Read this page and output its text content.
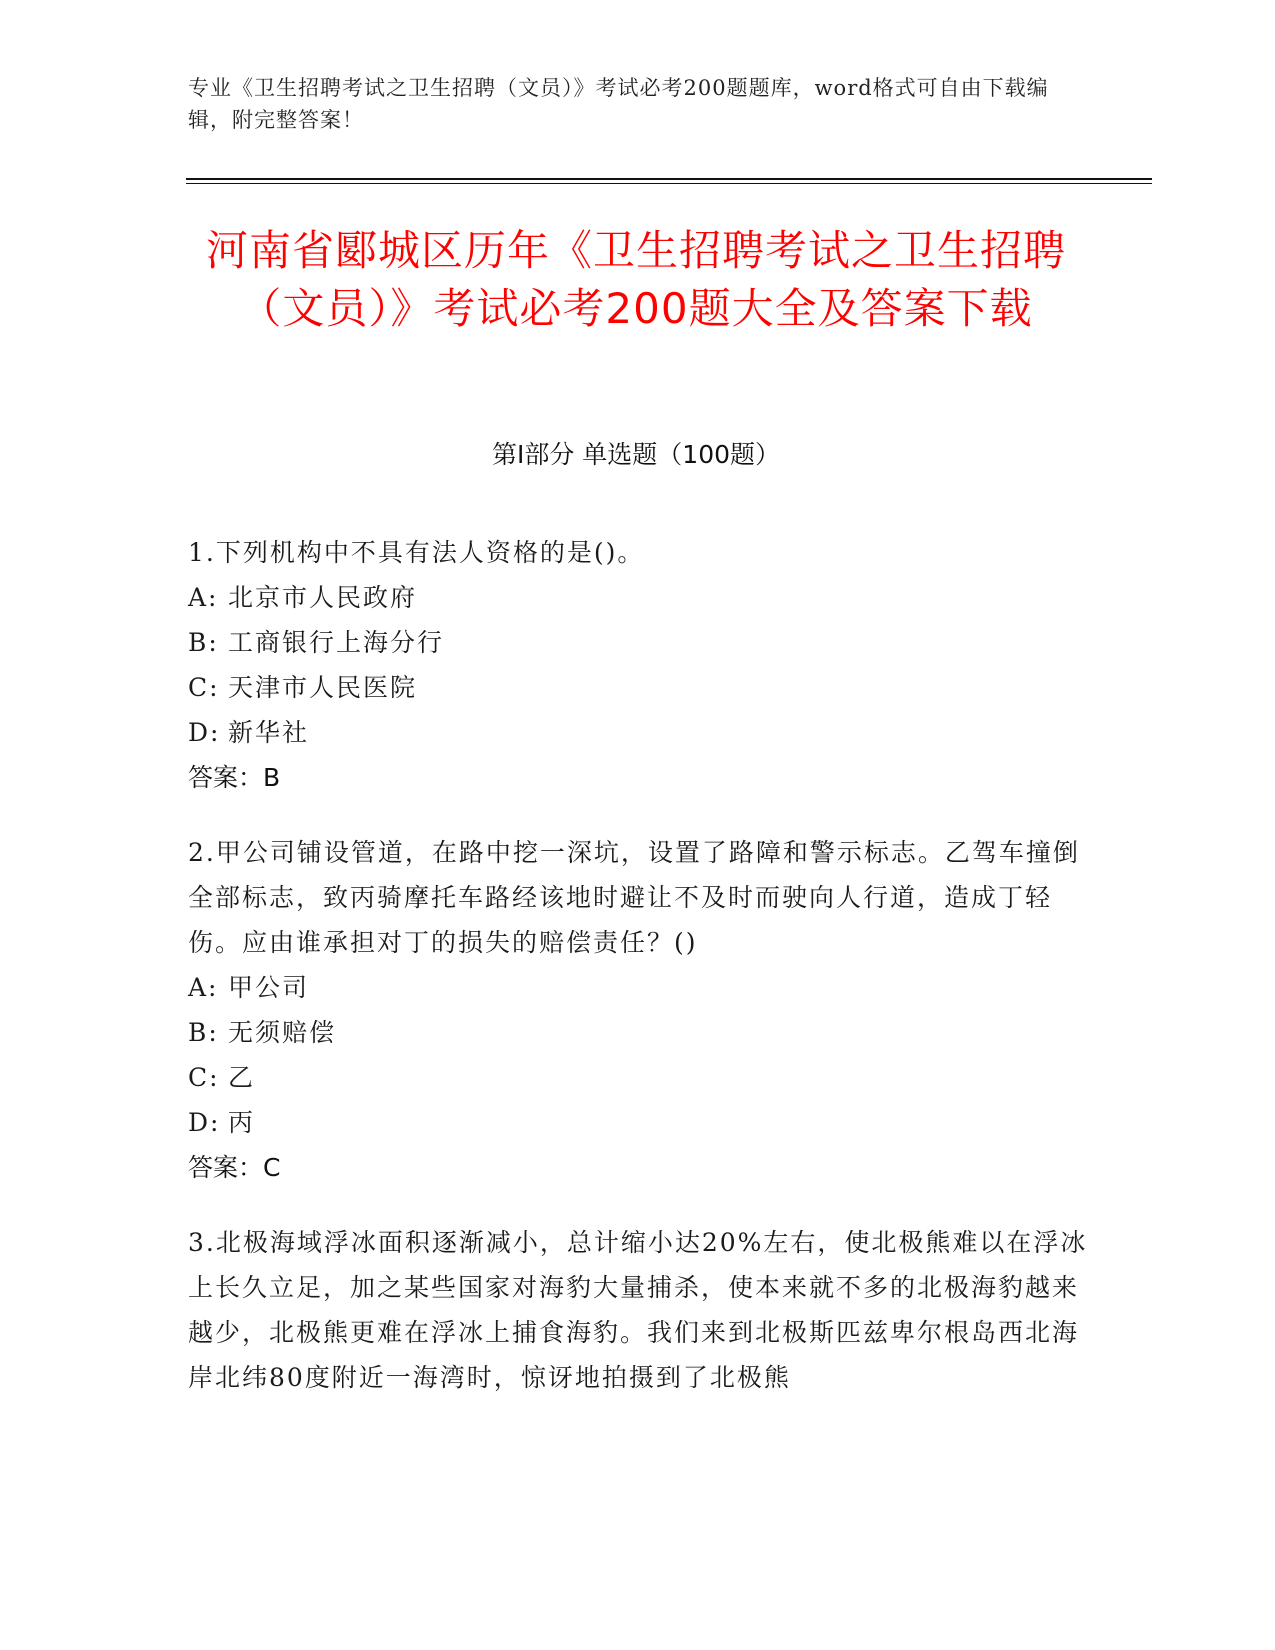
专业《卫生招聘考试之卫生招聘（文员）》考试必考200题题库，word格式可自由下载编辑，附完整答案！
河南省郾城区历年《卫生招聘考试之卫生招聘（文员）》考试必考200题大全及答案下载
第Ⅰ部分 单选题（100题）
1.下列机构中不具有法人资格的是()。
A: 北京市人民政府
B: 工商银行上海分行
C: 天津市人民医院
D: 新华社
答案：B
2.甲公司铺设管道，在路中挖一深坑，设置了路障和警示标志。乙驾车撞倒全部标志，致丙骑摩托车路经该地时避让不及时而驶向人行道，造成丁轻伤。应由谁承担对丁的损失的赔偿责任？()
A: 甲公司
B: 无须赔偿
C: 乙
D: 丙
答案：C
3.北极海域浮冰面积逐渐减小，总计缩小达20%左右，使北极熊难以在浮冰上长久立足，加之某些国家对海豹大量捕杀，使本来就不多的北极海豹越来越少，北极熊更难在浮冰上捕食海豹。我们来到北极斯匹兹卑尔根岛西北海岸北纬80度附近一海湾时，惊讶地拍摄到了北极熊
